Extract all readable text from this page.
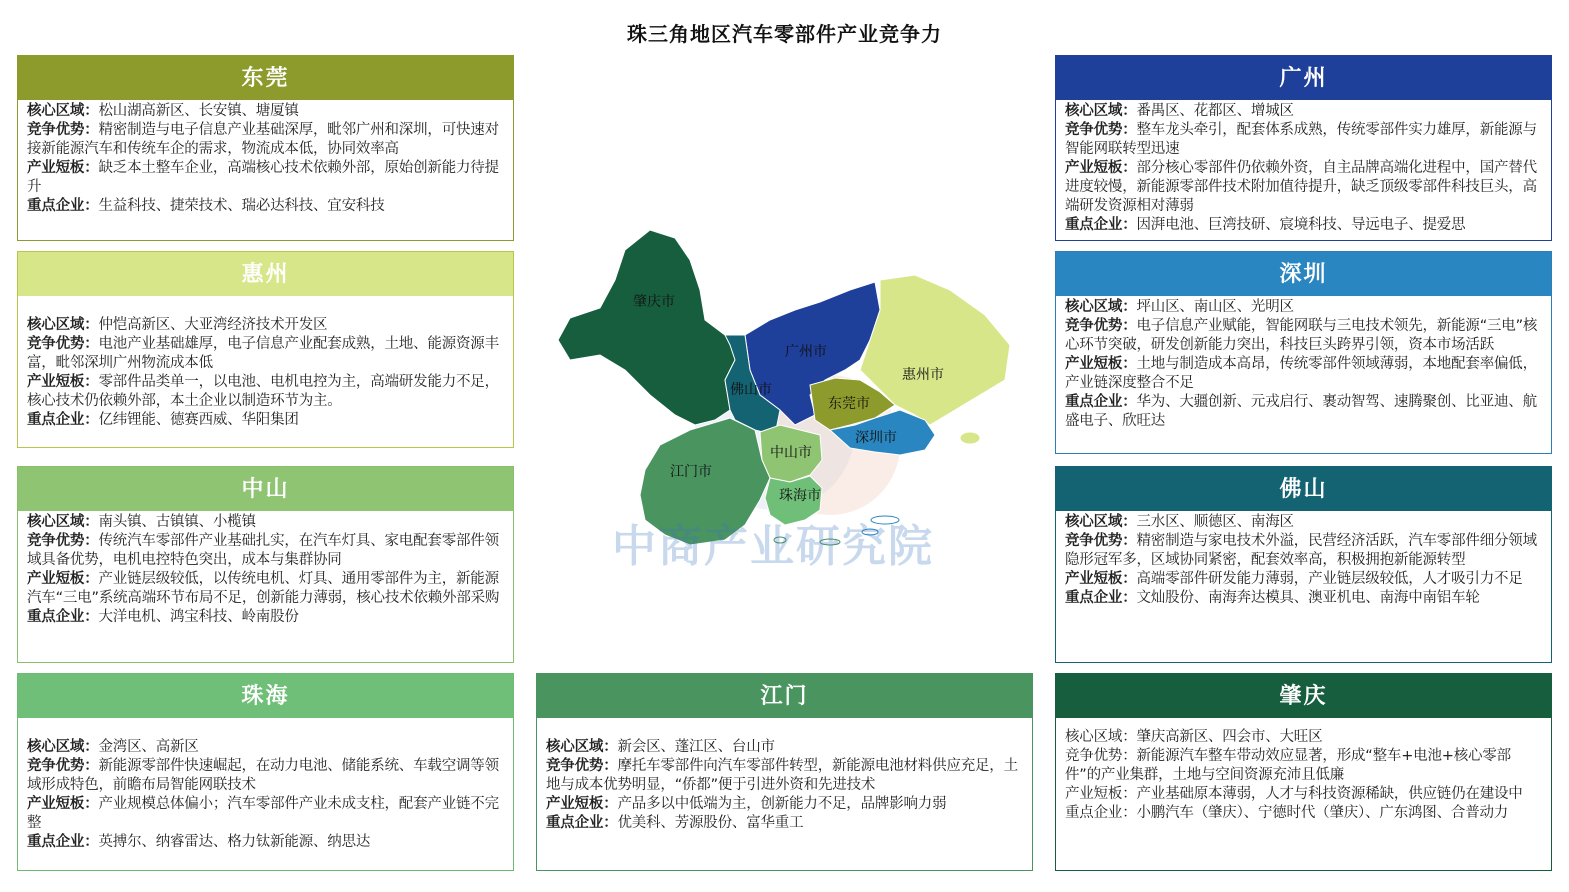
珠三角地区汽车零部件产业竞争力
肇庆市
广州市
惠州市
佛山市
东莞市
深圳市
中山市
江门市
珠海市
中商产业研究院
东莞

核心区域：松山湖高新区、长安镇、塘厦镇

竞争优势：精密制造与电子信息产业基础深厚，毗邻广州和深圳，可快速对接新能源汽车和传统车企的需求，物流成本低，协同效率高

产业短板：缺乏本土整车企业，高端核心技术依赖外部，原始创新能力待提升

重点企业：生益科技、捷荣技术、瑞必达科技、宜安科技

惠州

核心区域：仲恺高新区、大亚湾经济技术开发区

竞争优势：电池产业基础雄厚，电子信息产业配套成熟，土地、能源资源丰富，毗邻深圳广州物流成本低

产业短板：零部件品类单一，以电池、电机电控为主，高端研发能力不足，核心技术仍依赖外部，本土企业以制造环节为主。

重点企业：亿纬锂能、德赛西威、华阳集团

中山

核心区域：南头镇、古镇镇、小榄镇

竞争优势：传统汽车零部件产业基础扎实，在汽车灯具、家电配套零部件领域具备优势，电机电控特色突出，成本与集群协同

产业短板：产业链层级较低，以传统电机、灯具、通用零部件为主，新能源汽车“三电”系统高端环节布局不足，创新能力薄弱，核心技术依赖外部采购

重点企业：大洋电机、鸿宝科技、岭南股份

珠海

核心区域：金湾区、高新区

竞争优势：新能源零部件快速崛起，在动力电池、储能系统、车载空调等领域形成特色，前瞻布局智能网联技术

产业短板：产业规模总体偏小；汽车零部件产业未成支柱，配套产业链不完整

重点企业：英搏尔、纳睿雷达、格力钛新能源、纳思达

江门

核心区域：新会区、蓬江区、台山市

竞争优势：摩托车零部件向汽车零部件转型，新能源电池材料供应充足，土地与成本优势明显，“侨都”便于引进外资和先进技术

产业短板：产品多以中低端为主，创新能力不足，品牌影响力弱

重点企业：优美科、芳源股份、富华重工

广州

核心区域：番禺区、花都区、增城区

竞争优势：整车龙头牵引，配套体系成熟，传统零部件实力雄厚，新能源与智能网联转型迅速

产业短板：部分核心零部件仍依赖外资，自主品牌高端化进程中，国产替代进度较慢，新能源零部件技术附加值待提升，缺乏顶级零部件科技巨头，高端研发资源相对薄弱

重点企业：因湃电池、巨湾技研、宸境科技、导远电子、提爱思

深圳

核心区域：坪山区、南山区、光明区

竞争优势：电子信息产业赋能，智能网联与三电技术领先，新能源“三电”核心环节突破，研发创新能力突出，科技巨头跨界引领，资本市场活跃

产业短板：土地与制造成本高昂，传统零部件领域薄弱，本地配套率偏低，产业链深度整合不足

重点企业：华为、大疆创新、元戎启行、裹动智驾、速腾聚创、比亚迪、航盛电子、欣旺达

佛山

核心区域：三水区、顺德区、南海区

竞争优势：精密制造与家电技术外溢，民营经济活跃，汽车零部件细分领域隐形冠军多，区域协同紧密，配套效率高，积极拥抱新能源转型

产业短板：高端零部件研发能力薄弱，产业链层级较低，人才吸引力不足

重点企业：文灿股份、南海奔达模具、澳亚机电、南海中南铝车轮

肇庆

核心区域：肇庆高新区、四会市、大旺区

竞争优势：新能源汽车整车带动效应显著，形成“整车+电池+核心零部件”的产业集群，土地与空间资源充沛且低廉

产业短板：产业基础原本薄弱，人才与科技资源稀缺，供应链仍在建设中

重点企业：小鹏汽车（肇庆）、宁德时代（肇庆）、广东鸿图、合普动力
